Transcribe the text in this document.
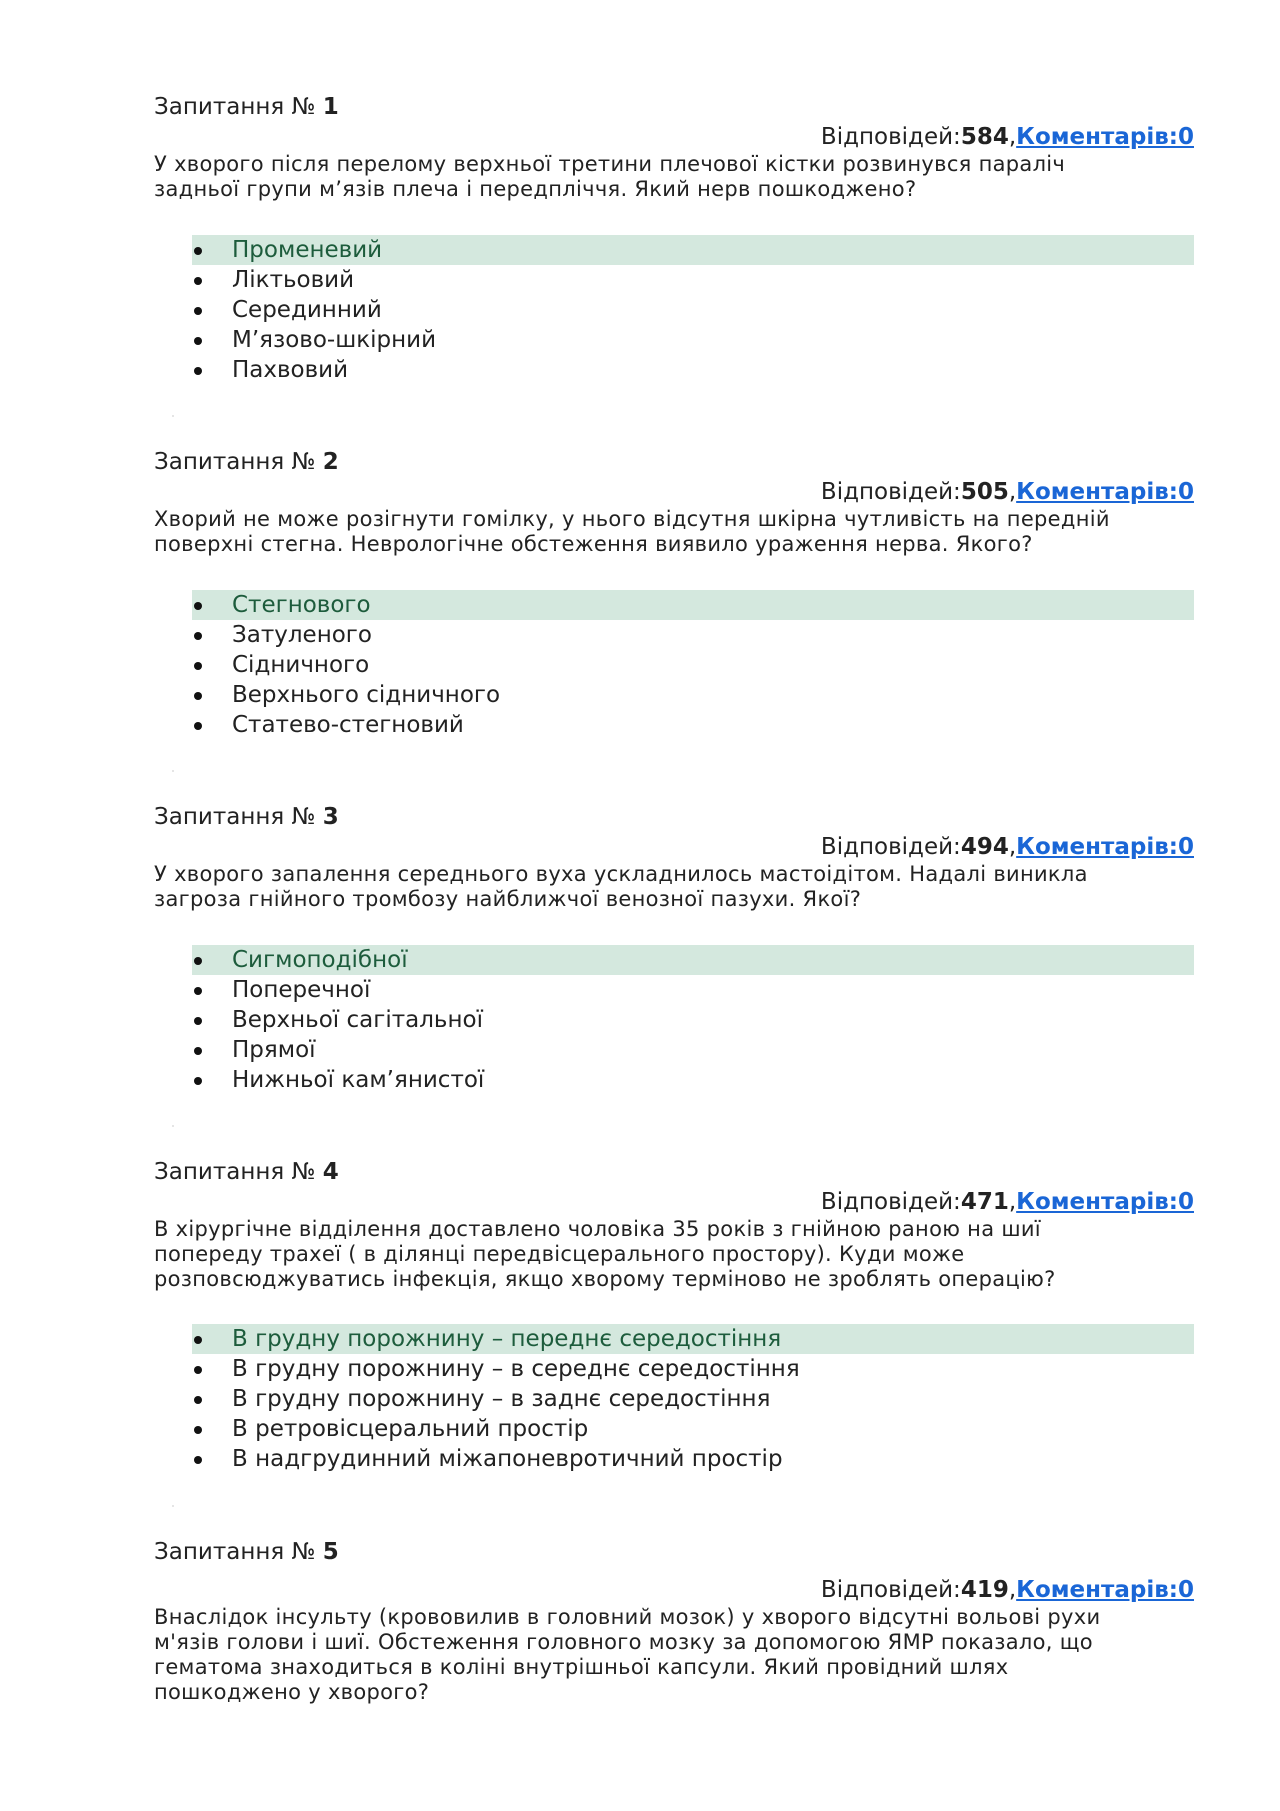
Запитання № 1
Відповідей:584,Коментарів:0

У хворого після перелому верхньої третини плечової кістки розвинувся параліч
задньої групи м’язів плеча і передпліччя. Який нерв пошкоджено?

Променевий
Ліктьовий
Серединний
М’язово-шкірний
Пахвовий
Запитання № 2
Відповідей:505,Коментарів:0

Хворий не може розігнути гомілку, у нього відсутня шкірна чутливість на передній
поверхні стегна. Неврологічне обстеження виявило ураження нерва. Якого?

Стегнового
Затуленого
Сідничного
Верхнього сідничного
Статево-стегновий
Запитання № 3
Відповідей:494,Коментарів:0

У хворого запалення середнього вуха ускладнилось мастоідітом. Надалі виникла
загроза гнійного тромбозу найближчої венозної пазухи. Якої?

Сигмоподібної
Поперечної
Верхньої сагітальної
Прямої
Нижньої кам’янистої
Запитання № 4
Відповідей:471,Коментарів:0

В хірургічне відділення доставлено чоловіка 35 років з гнійною раною на шиї
попереду трахеї ( в ділянці передвісцерального простору). Куди може
розповсюджуватись інфекція, якщо хворому терміново не зроблять операцію?

В грудну порожнину – переднє середостіння
В грудну порожнину – в середнє середостіння
В грудну порожнину – в заднє середостіння
В ретровісцеральний простір
В надгрудинний міжапоневротичний простір
Запитання № 5
Відповідей:419,Коментарів:0

Внаслідок інсульту (крововилив в головний мозок) у хворого відсутні вольові рухи
м'язів голови і шиї. Обстеження головного мозку за допомогою ЯМР показало, що
гематома знаходиться в коліні внутрішньої капсули. Який провідний шлях
пошкоджено у хворого?
